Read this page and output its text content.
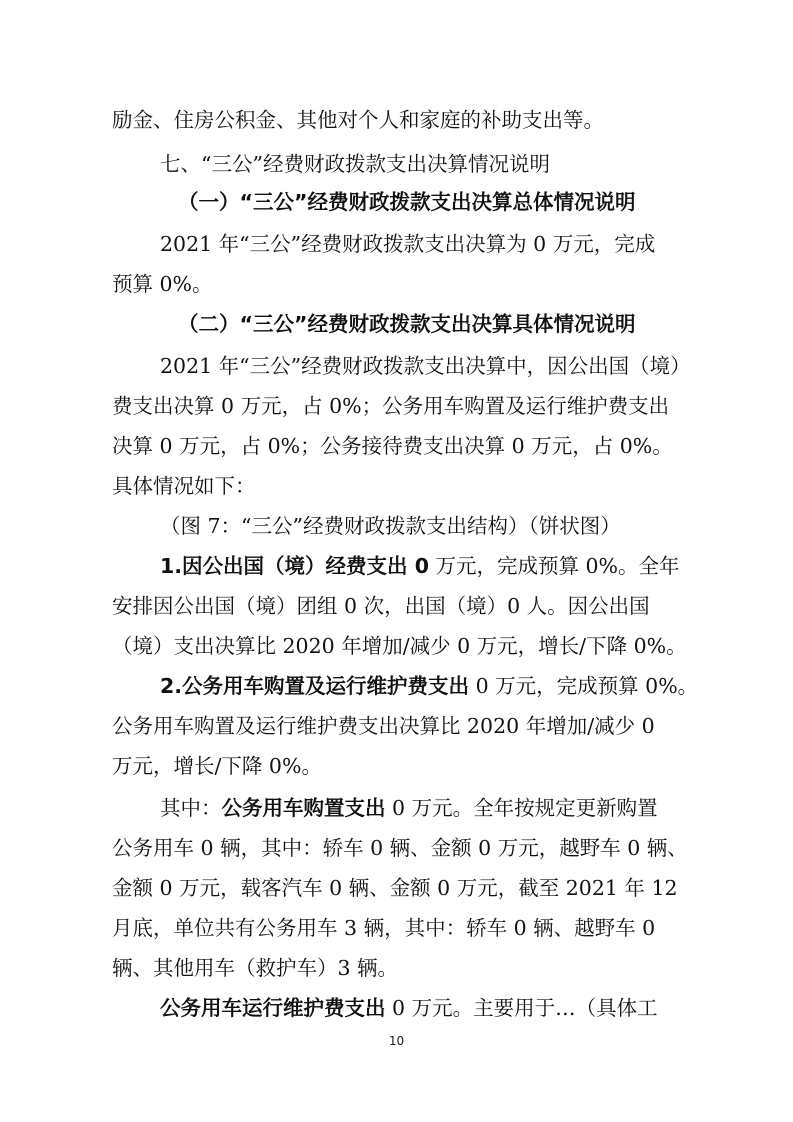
励金、住房公积金、其他对个人和家庭的补助支出等。
七、“三公”经费财政拨款支出决算情况说明
（一）“三公”经费财政拨款支出决算总体情况说明
2021 年“三公”经费财政拨款支出决算为 0 万元，完成
预算 0%。
（二）“三公”经费财政拨款支出决算具体情况说明
2021 年“三公”经费财政拨款支出决算中，因公出国（境）
费支出决算 0 万元，占 0%；公务用车购置及运行维护费支出
决算 0 万元，占 0%；公务接待费支出决算 0 万元，占 0%。
具体情况如下：
（图 7：“三公”经费财政拨款支出结构）（饼状图）
1.因公出国（境）经费支出 0 万元，完成预算 0%。全年
安排因公出国（境）团组 0 次，出国（境）0 人。因公出国
（境）支出决算比 2020 年增加/减少 0 万元，增长/下降 0%。
2.公务用车购置及运行维护费支出 0 万元，完成预算 0%。
公务用车购置及运行维护费支出决算比 2020 年增加/减少 0
万元，增长/下降 0%。
其中：公务用车购置支出 0 万元。全年按规定更新购置
公务用车 0 辆，其中：轿车 0 辆、金额 0 万元，越野车 0 辆、
金额 0 万元，载客汽车 0 辆、金额 0 万元，截至 2021 年 12
月底，单位共有公务用车 3 辆，其中：轿车 0 辆、越野车 0
辆、其他用车（救护车）3 辆。
公务用车运行维护费支出 0 万元。主要用于…（具体工
10
